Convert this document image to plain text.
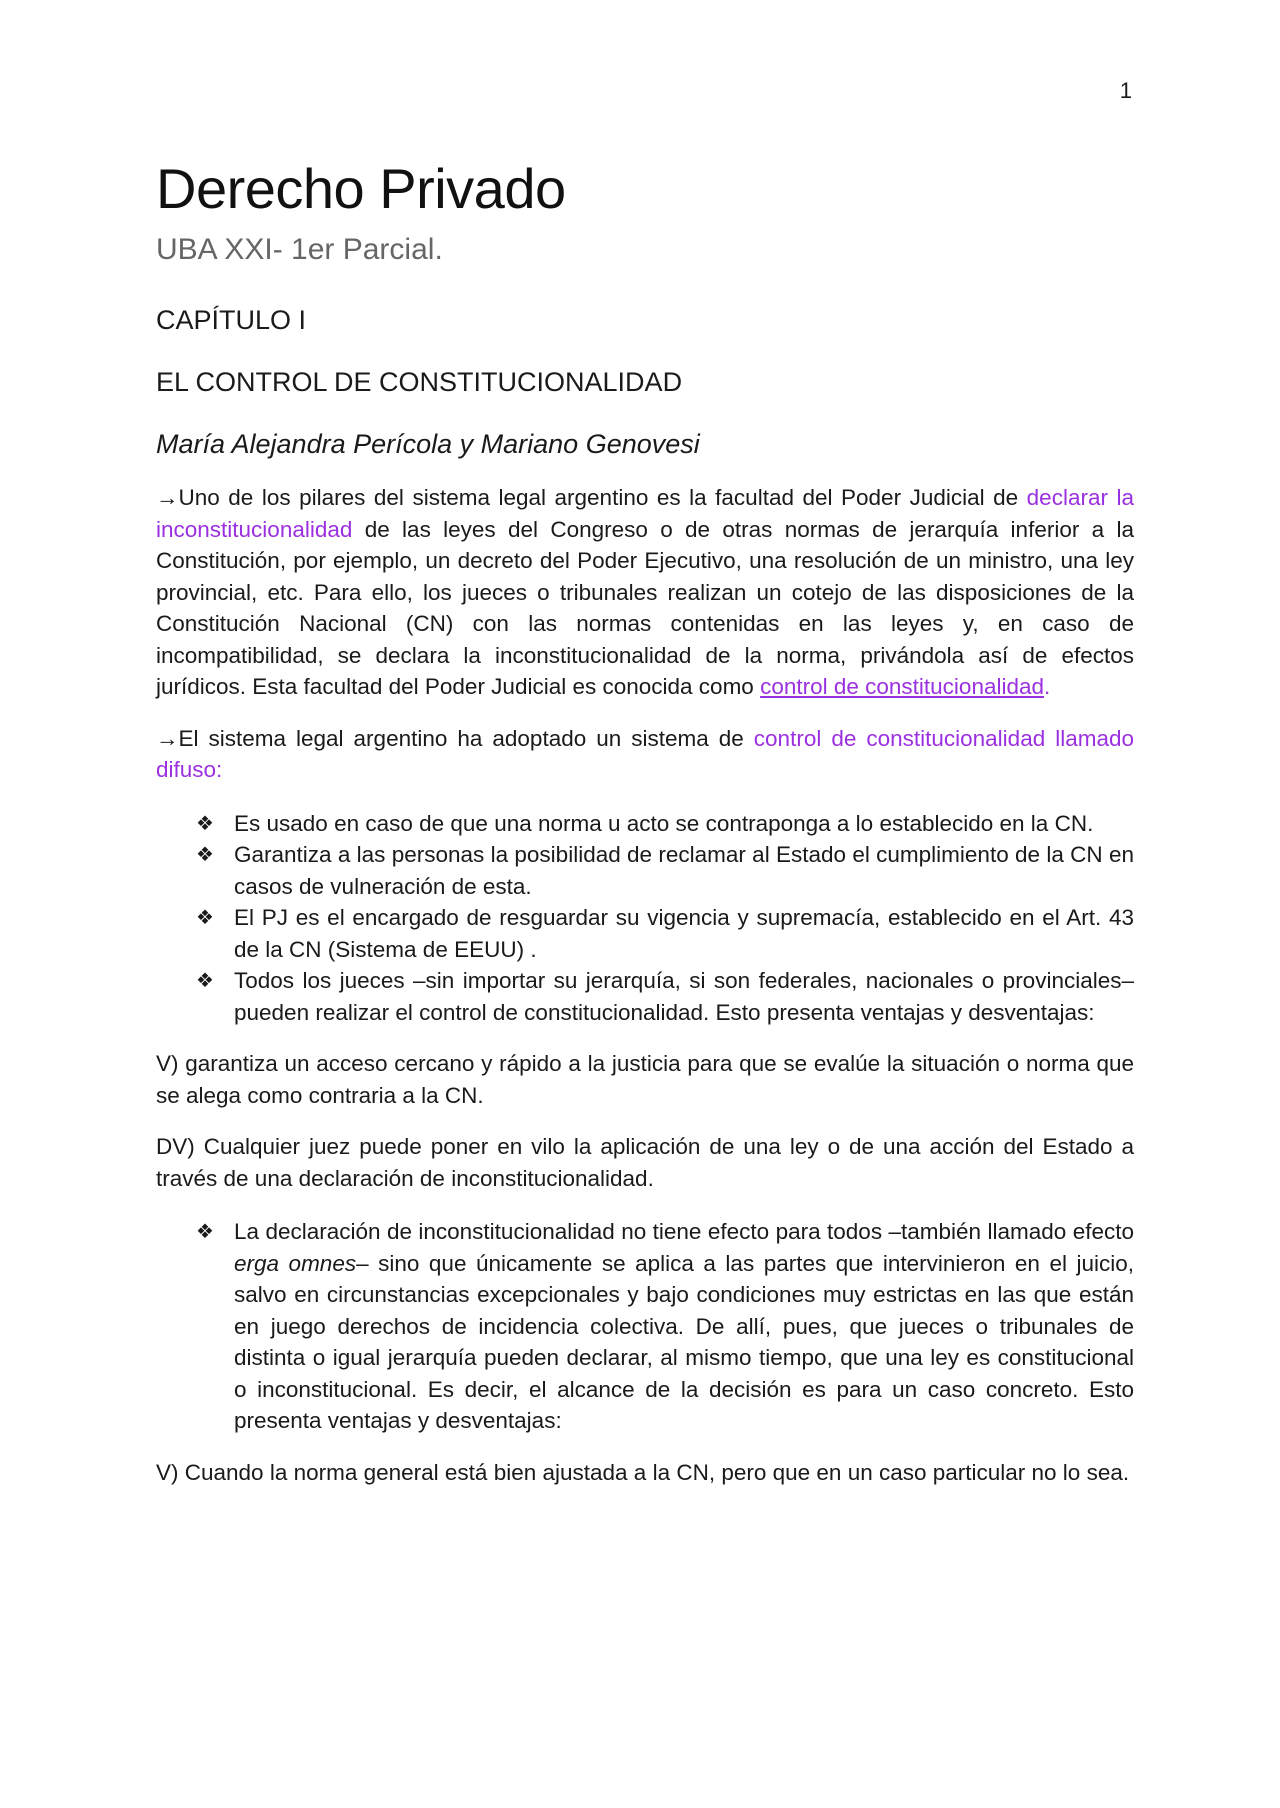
1
Derecho Privado
UBA XXI- 1er Parcial.
CAPÍTULO I
EL CONTROL DE CONSTITUCIONALIDAD
María Alejandra Perícola y Mariano Genovesi

→Uno de los pilares del sistema legal argentino es la facultad del Poder Judicial de declarar la inconstitucionalidad de las leyes del Congreso o de otras normas de jerarquía inferior a la Constitución, por ejemplo, un decreto del Poder Ejecutivo, una resolución de un ministro, una ley provincial, etc. Para ello, los jueces o tribunales realizan un cotejo de las disposiciones de la Constitución Nacional (CN) con las normas contenidas en las leyes y, en caso de incompatibilidad, se declara la inconstitucionalidad de la norma, privándola así de efectos jurídicos. Esta facultad del Poder Judicial es conocida como control de constitucionalidad.

→El sistema legal argentino ha adoptado un sistema de control de constitucionalidad llamado difuso:

❖ Es usado en caso de que una norma u acto se contraponga a lo establecido en la CN.
❖ Garantiza a las personas la posibilidad de reclamar al Estado el cumplimiento de la CN en casos de vulneración de esta.
❖ El PJ es el encargado de resguardar su vigencia y supremacía, establecido en el Art. 43 de la CN (Sistema de EEUU) .
❖ Todos los jueces –sin importar su jerarquía, si son federales, nacionales o provinciales– pueden realizar el control de constitucionalidad. Esto presenta ventajas y desventajas:

V) garantiza un acceso cercano y rápido a la justicia para que se evalúe la situación o norma que se alega como contraria a la CN.

DV) Cualquier juez puede poner en vilo la aplicación de una ley o de una acción del Estado a través de una declaración de inconstitucionalidad.

❖ La declaración de inconstitucionalidad no tiene efecto para todos –también llamado efecto erga omnes– sino que únicamente se aplica a las partes que intervinieron en el juicio, salvo en circunstancias excepcionales y bajo condiciones muy estrictas en las que están en juego derechos de incidencia colectiva. De allí, pues, que jueces o tribunales de distinta o igual jerarquía pueden declarar, al mismo tiempo, que una ley es constitucional o inconstitucional. Es decir, el alcance de la decisión es para un caso concreto. Esto presenta ventajas y desventajas:

V) Cuando la norma general está bien ajustada a la CN, pero que en un caso particular no lo sea.
